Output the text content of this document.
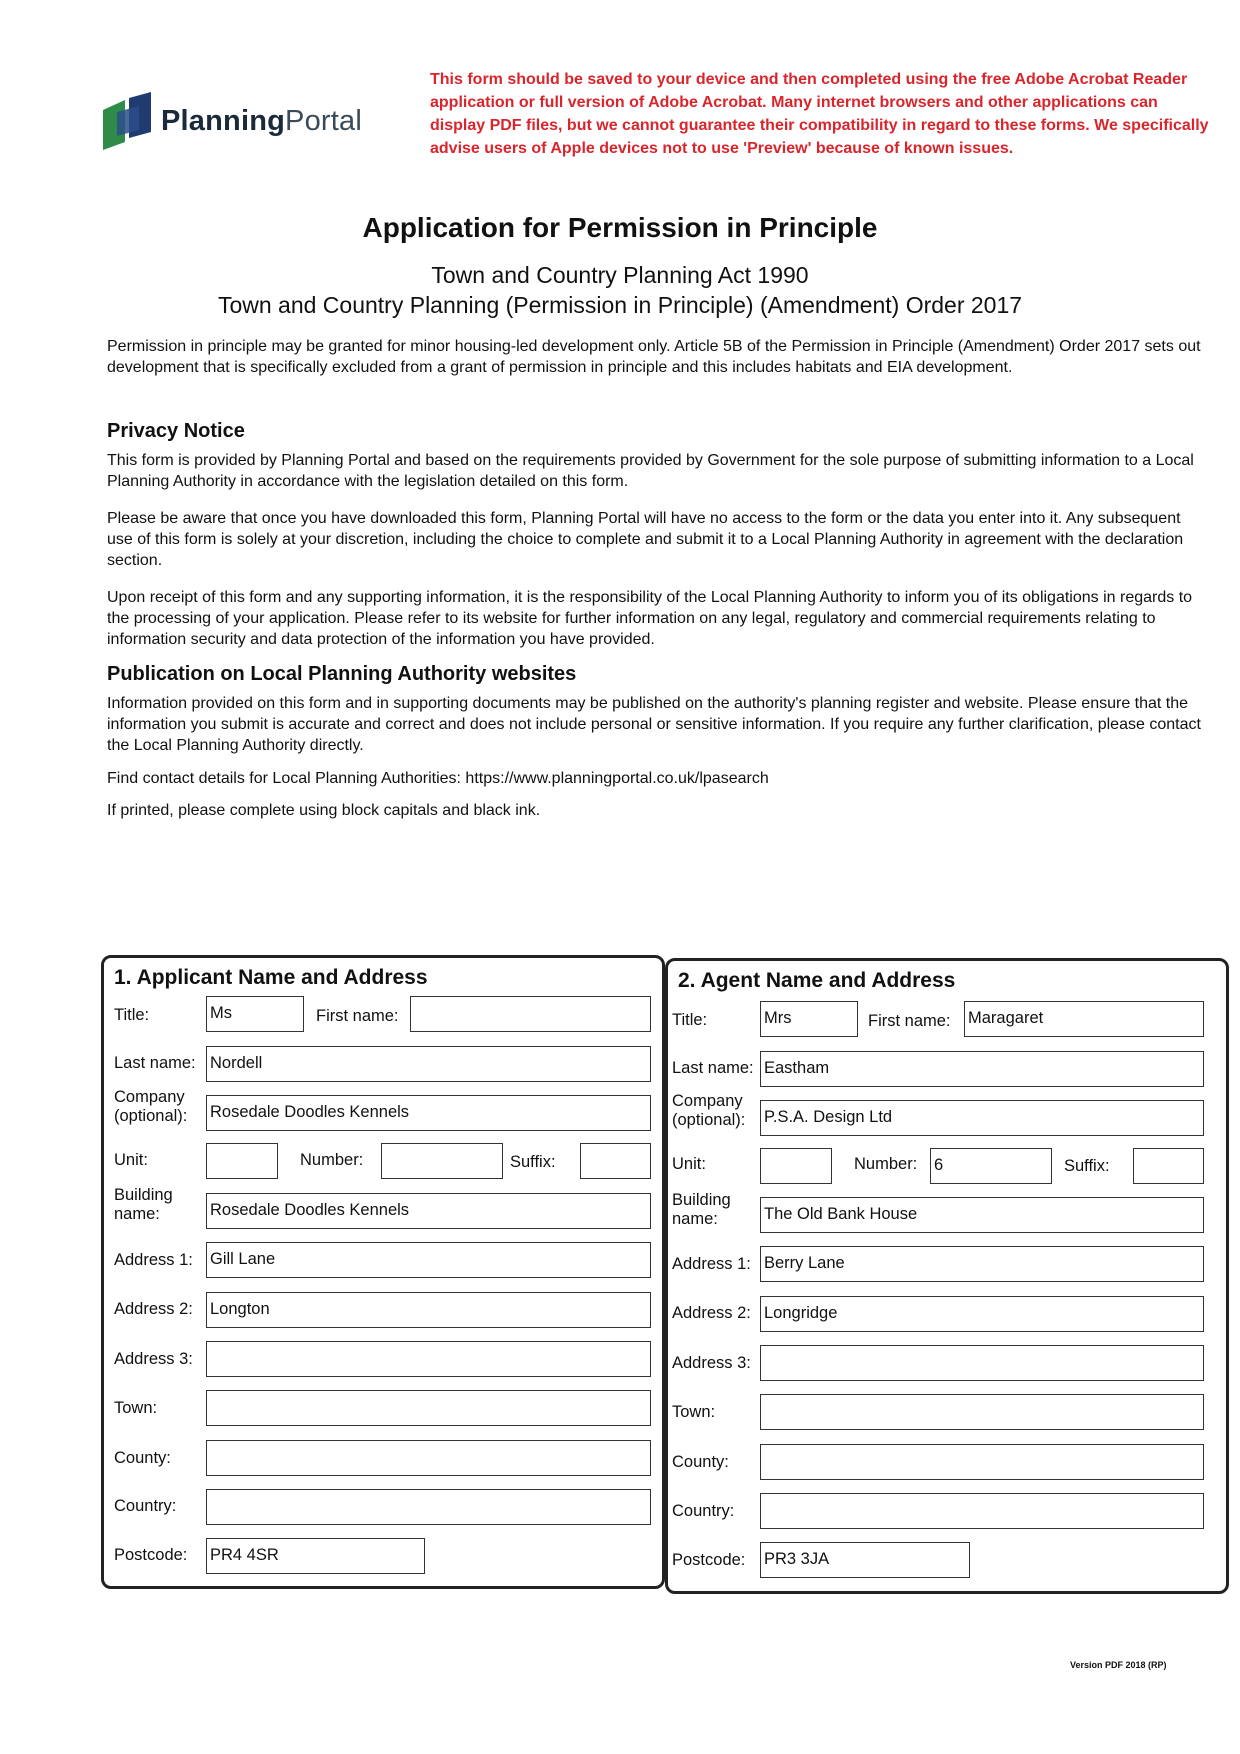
PlanningPortal
This form should be saved to your device and then completed using the free Adobe Acrobat Reader application or full version of Adobe Acrobat. Many internet browsers and other applications can display PDF files, but we cannot guarantee their compatibility in regard to these forms. We specifically advise users of Apple devices not to use 'Preview' because of known issues.
Application for Permission in Principle
Town and Country Planning Act 1990
Town and Country Planning (Permission in Principle) (Amendment) Order 2017
Permission in principle may be granted for minor housing-led development only. Article 5B of the Permission in Principle (Amendment) Order 2017 sets out development that is specifically excluded from a grant of permission in principle and this includes habitats and EIA development.
Privacy Notice
This form is provided by Planning Portal and based on the requirements provided by Government for the sole purpose of submitting information to a Local Planning Authority in accordance with the legislation detailed on this form.
Please be aware that once you have downloaded this form, Planning Portal will have no access to the form or the data you enter into it. Any subsequent use of this form is solely at your discretion, including the choice to complete and submit it to a Local Planning Authority in agreement with the declaration section.
Upon receipt of this form and any supporting information, it is the responsibility of the Local Planning Authority to inform you of its obligations in regards to the processing of your application. Please refer to its website for further information on any legal, regulatory and commercial requirements relating to information security and data protection of the information you have provided.
Publication on Local Planning Authority websites
Information provided on this form and in supporting documents may be published on the authority's planning register and website. Please ensure that the information you submit is accurate and correct and does not include personal or sensitive information. If you require any further clarification, please contact the Local Planning Authority directly.
Find contact details for Local Planning Authorities: https://www.planningportal.co.uk/lpasearch
If printed, please complete using block capitals and black ink.
1. Applicant Name and Address
Title:	Ms	First name:
Last name: Nordell
Company (optional):	Rosedale Doodles Kennels
Unit:	Number:	Suffix:
Building name:	Rosedale Doodles Kennels
Address 1: Gill Lane
Address 2: Longton
Address 3:
Town:
County:
Country:
Postcode: PR4 4SR
2. Agent Name and Address
Title:	Mrs	First name: Maragaret
Last name: Eastham
Company (optional):	P.S.A. Design Ltd
Unit:	Number: 6	Suffix:
Building name:	The Old Bank House
Address 1: Berry Lane
Address 2: Longridge
Address 3:
Town:
County:
Country:
Postcode: PR3 3JA
Version PDF 2018 (RP)
